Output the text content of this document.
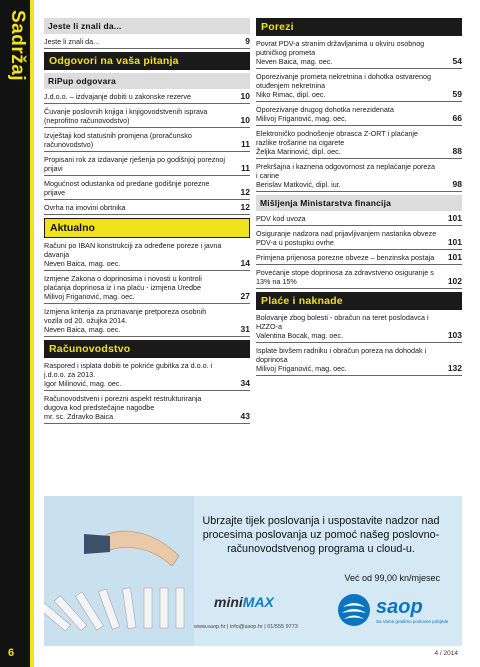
Sadržaj
6
Jeste li znali da...
Jeste li znali da...	9
Odgovori na vaša pitanja
RiPup odgovara
J.d.o.o. – izdvajanje dobiti u zakonske rezerve	10
Čuvanje poslovnih knjiga i knjigovodstvenih isprava (neprofitno računovodstvo)	10
Izvještaji kod statusnih promjena (proračunsko računovodstvo)	11
Propisani rok za izdavanje rješenja po godišnjoj poreznoj prijavi	11
Mogućnost odustanka od predane godišnje porezne prijave	12
Ovrha na imovini obrtnika	12
Aktualno
Računi po IBAN konstrukciji za određene poreze i javna davanja
Neven Baica, mag. oec.	14
Izmjene Zakona o doprinosima i novosti u kontroli plaćanja doprinosa iz i na plaću - izmjena Uredbe
Milivoj Friganović, mag. oec.	27
Izmjena kriterija za priznavanje pretporeza osobnih vozila od 20. ožujka 2014.
Neven Baica, mag. oec.	31
Računovodstvo
Raspored i isplata dobiti te pokriće gubitka za d.o.o. i j.d.o.o. za 2013.
Igor Milinović, mag. oec.	34
Računovodstveni i porezni aspekt restrukturiranja dugova kod predstečajne nagodbe
mr. sc. Zdravko Baica	43
Porezi
Povrat PDV-a stranim državljanima u okviru osobnog putničkog prometa
Neven Baica, mag. oec.	54
Oporezivanje prometa nekretnina i dohotka ostvarenog otuđenjem nekretnina
Niko Rimac, dipl. oec.	59
Oporezivanje drugog dohotka nerezidenata
Milivoj Friganović, mag. oec.	66
Elektroničko podnošenje obrasca Z-ORT i plaćanje razlike trošarine na cigarete
Željka Marinović, dipl. oec.	88
Prekršajna i kaznena odgovornost za neplaćanje poreza i carine
Berislav Matković, dipl. iur.	98
Mišljenja Ministarstva financija
PDV kod uvoza	101
Osiguranje nadzora nad prijavljivanjem nastanka obveze PDV-a u postupku ovrhe	101
Primjena prijenosa porezne obveze – benzinska postaja	101
Povećanje stope doprinosa za zdravstveno osiguranje s 13% na 15%	102
Plaće i naknade
Bolovanje zbog bolesti - obračun na teret poslodavca i HZZO-a
Valentina Bocak, mag. oec.	103
Isplate bivšem radniku i obračun poreza na dohodak i doprinosa
Milivoj Friganović, mag. oec.	132
Ubrzajte tijek poslovanja i uspostavite nadzor nad procesima poslovanja uz pomoć našeg poslovno-računovodstvenog programa u cloud-u.
Već od 99,00 kn/mjesec
miniMAX	saop
Sa Vama gradimo poslovne pobjede
www.saop.hr | info@saop.hr | 01/555 9773
4 / 2014
